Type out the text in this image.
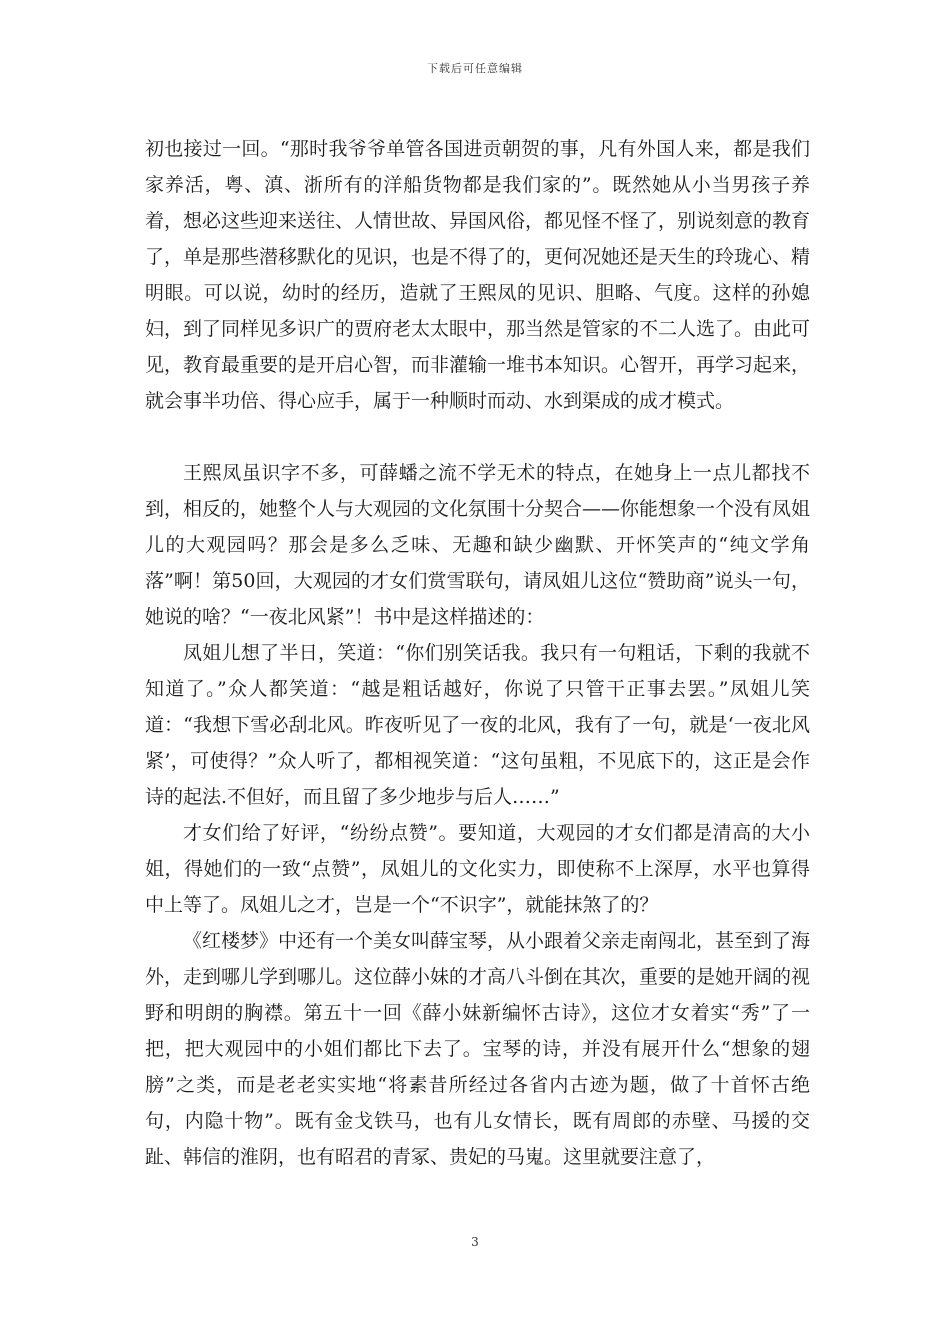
下载后可任意编辑

初也接过一回。“那时我爷爷单管各国进贡朝贺的事，凡有外国人来，都是我们家养活，粤、滇、浙所有的洋船货物都是我们家的”。既然她从小当男孩子养着，想必这些迎来送往、人情世故、异国风俗，都见怪不怪了，别说刻意的教育了，单是那些潜移默化的见识，也是不得了的，更何况她还是天生的玲珑心、精明眼。可以说，幼时的经历，造就了王熙凤的见识、胆略、气度。这样的孙媳妇，到了同样见多识广的贾府老太太眼中，那当然是管家的不二人选了。由此可见，教育最重要的是开启心智，而非灌输一堆书本知识。心智开，再学习起来，就会事半功倍、得心应手，属于一种顺时而动、水到渠成的成才模式。

王熙凤虽识字不多，可薛蟠之流不学无术的特点，在她身上一点儿都找不到，相反的，她整个人与大观园的文化氛围十分契合——你能想象一个没有凤姐儿的大观园吗？那会是多么乏味、无趣和缺少幽默、开怀笑声的“纯文学角落”啊！第50回，大观园的才女们赏雪联句，请凤姐儿这位“赞助商”说头一句，她说的啥？“一夜北风紧”！书中是这样描述的：

凤姐儿想了半日，笑道：“你们别笑话我。我只有一句粗话，下剩的我就不知道了。”众人都笑道：“越是粗话越好，你说了只管干正事去罢。”凤姐儿笑道：“我想下雪必刮北风。昨夜听见了一夜的北风，我有了一句，就是‘一夜北风紧’，可使得？”众人听了，都相视笑道：“这句虽粗，不见底下的，这正是会作诗的起法.不但好，而且留了多少地步与后人……”

才女们给了好评，“纷纷点赞”。要知道，大观园的才女们都是清高的大小姐，得她们的一致“点赞”，凤姐儿的文化实力，即使称不上深厚，水平也算得中上等了。凤姐儿之才，岂是一个“不识字”，就能抹煞了的？

《红楼梦》中还有一个美女叫薛宝琴，从小跟着父亲走南闯北，甚至到了海外，走到哪儿学到哪儿。这位薛小妹的才高八斗倒在其次，重要的是她开阔的视野和明朗的胸襟。第五十一回《薛小妹新编怀古诗》，这位才女着实“秀”了一把，把大观园中的小姐们都比下去了。宝琴的诗，并没有展开什么“想象的翅膀”之类，而是老老实实地“将素昔所经过各省内古迹为题，做了十首怀古绝句，内隐十物”。既有金戈铁马，也有儿女情长，既有周郎的赤壁、马援的交趾、韩信的淮阴，也有昭君的青冢、贵妃的马嵬。这里就要注意了，

3
